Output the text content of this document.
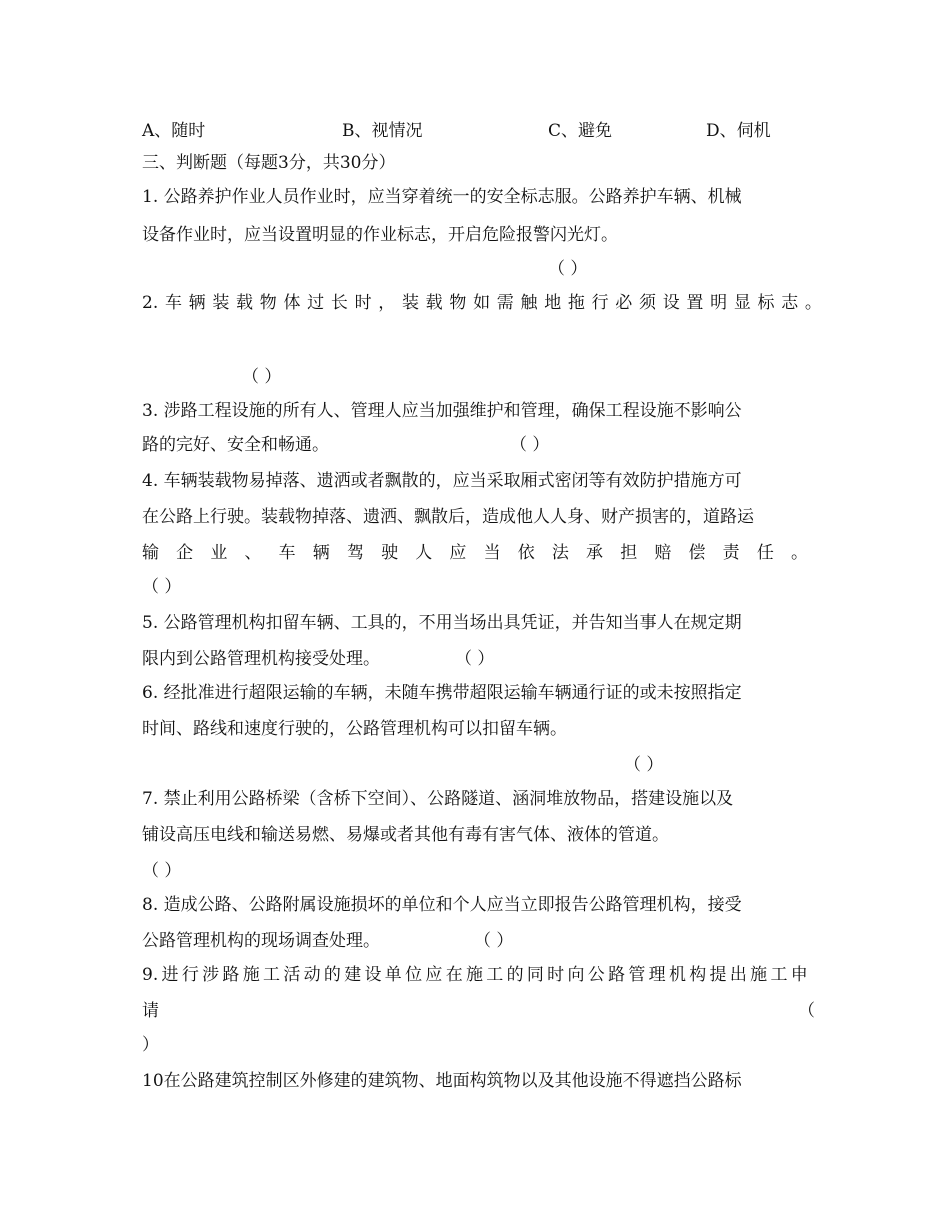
A、随时	B、视情况	C、避免	D、伺机
三、判断题（每题3分，共30分）
1. 公路养护作业人员作业时，应当穿着统一的安全标志服。公路养护车辆、机械
设备作业时，应当设置明显的作业标志，开启危险报警闪光灯。
（ ）
2. 车 辆 装 载 物 体 过 长 时 ， 装 载 物 如 需 触 地 拖 行 必 须 设 置 明 显 标 志 。
（ ）
3. 涉路工程设施的所有人、管理人应当加强维护和管理，确保工程设施不影响公
路的完好、安全和畅通。	（ ）
4. 车辆装载物易掉落、遗洒或者飘散的，应当采取厢式密闭等有效防护措施方可
在公路上行驶。装载物掉落、遗洒、飘散后，造成他人人身、财产损害的，道路运
输 企 业 、 车 辆 驾 驶 人 应 当 依 法 承 担 赔 偿 责 任 。
（ ）
5. 公路管理机构扣留车辆、工具的，不用当场出具凭证，并告知当事人在规定期
限内到公路管理机构接受处理。	（ ）
6. 经批准进行超限运输的车辆，未随车携带超限运输车辆通行证的或未按照指定
时间、路线和速度行驶的，公路管理机构可以扣留车辆。
（ ）
7. 禁止利用公路桥梁（含桥下空间）、公路隧道、涵洞堆放物品，搭建设施以及
铺设高压电线和输送易燃、易爆或者其他有毒有害气体、液体的管道。
（ ）
8. 造成公路、公路附属设施损坏的单位和个人应当立即报告公路管理机构，接受
公路管理机构的现场调查处理。	（ ）
9. 进 行 涉 路 施 工 活 动 的 建 设 单 位 应 在 施 工 的 同 时 向 公 路 管 理 机 构 提 出 施 工 申
请	（
）
10在公路建筑控制区外修建的建筑物、地面构筑物以及其他设施不得遮挡公路标
